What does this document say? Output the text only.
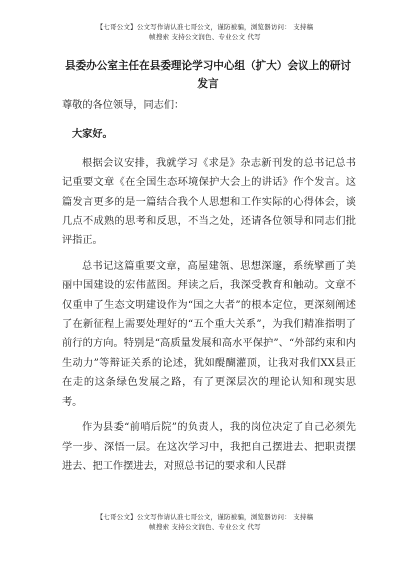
【七哥公文】公文写作请认准七哥公文，谨防被骗，浏览器访问： 支持稿
帧搜索 支持公文润色、专业公文 代写
县委办公室主任在县委理论学习中心组（扩大）会议上的研讨发言

尊敬的各位领导，同志们：

大家好。

根据会议安排，我就学习《求是》杂志新刊发的总书记总书记重要文章《在全国生态环境保护大会上的讲话》作个发言。这篇发言更多的是一篇结合我个人思想和工作实际的心得体会，谈几点不成熟的思考和反思，不当之处，还请各位领导和同志们批评指正。

总书记这篇重要文章，高屋建瓴、思想深邃，系统擘画了美丽中国建设的宏伟蓝图。拜读之后，我深受教育和触动。文章不仅重申了生态文明建设作为“国之大者”的根本定位，更深刻阐述了在新征程上需要处理好的“五个重大关系”，为我们精准指明了前行的方向。特别是“高质量发展和高水平保护”、“外部约束和内生动力”等辩证关系的论述，犹如醍醐灌顶，让我对我们XX县正在走的这条绿色发展之路，有了更深层次的理论认知和现实思考。

作为县委“前哨后院”的负责人，我的岗位决定了自己必须先学一步、深悟一层。在这次学习中，我把自己摆进去、把职责摆进去、把工作摆进去，对照总书记的要求和人民群

【七哥公文】公文写作请认准七哥公文，谨防被骗，浏览器访问： 支持稿
帧搜索 支持公文润色、专业公文 代写
